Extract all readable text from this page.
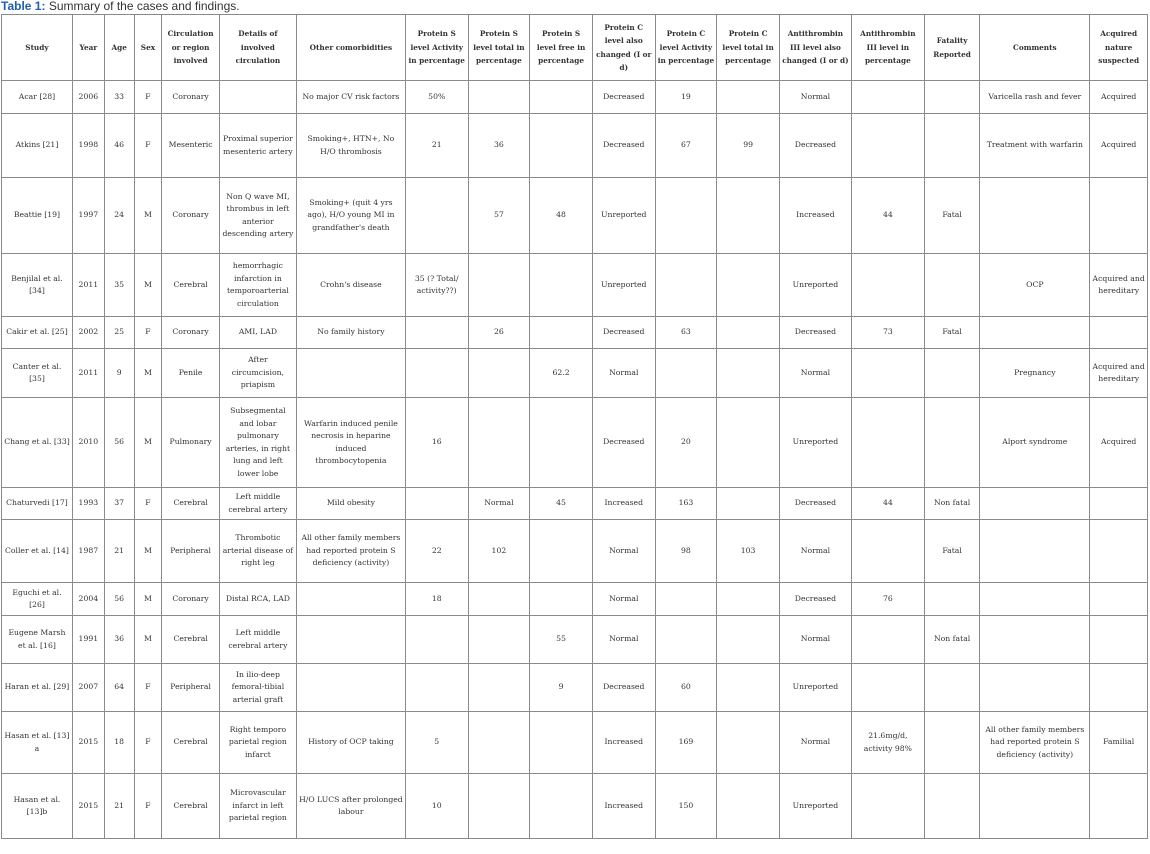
Table 1: Summary of the cases and findings.
Study	Year	Age	Sex	Circulation or region involved	Details of involved circulation	Other comorbidities	Protein S level Activity in percentage	Protein S level total in percentage	Protein S level free in percentage	Protein C level also changed (I or d)	Protein C level Activity in percentage	Protein C level total in percentage	Antithrombin III level also changed (I or d)	Antithrombin III level in percentage	Fatality Reported	Comments	Acquired nature suspected
Acar [28]	2006	33	F	Coronary		No major CV risk factors	50%			Decreased	19		Normal			Varicella rash and fever	Acquired
Atkins [21]	1998	46	F	Mesenteric	Proximal superior mesenteric artery	Smoking+, HTN+, No H/O thrombosis	21	36		Decreased	67	99	Decreased			Treatment with warfarin	Acquired
Beattie [19]	1997	24	M	Coronary	Non Q wave MI, thrombus in left anterior descending artery	Smoking+ (quit 4 yrs ago), H/O young MI in grandfather's death		57	48	Unreported			Increased	44	Fatal		
Benjilal et al. [34]	2011	35	M	Cerebral	hemorrhagic infarction in temporoarterial circulation	Crohn's disease	35 (? Total/ activity??)			Unreported			Unreported			OCP	Acquired and hereditary
Cakir et al. [25]	2002	25	F	Coronary	AMI, LAD	No family history		26		Decreased	63		Decreased	73	Fatal		
Canter et al. [35]	2011	9	M	Penile	After circumcision, priapism				62.2	Normal			Normal			Pregnancy	Acquired and hereditary
Chang et al. [33]	2010	56	M	Pulmonary	Subsegmental and lobar pulmonary arteries, in right lung and left lower lobe	Warfarin induced penile necrosis in heparine induced thrombocytopenia	16			Decreased	20		Unreported			Alport syndrome	Acquired
Chaturvedi [17]	1993	37	F	Cerebral	Left middle cerebral artery	Mild obesity		Normal	45	Increased	163		Decreased	44	Non fatal		
Coller et al. [14]	1987	21	M	Peripheral	Thrombotic arterial disease of right leg	All other family members had reported protein S deficiency (activity)	22	102		Normal	98	103	Normal		Fatal		
Eguchi et al. [26]	2004	56	M	Coronary	Distal RCA, LAD		18			Normal			Decreased	76			
Eugene Marsh et al. [16]	1991	36	M	Cerebral	Left middle cerebral artery				55	Normal			Normal		Non fatal		
Haran et al. [29]	2007	64	F	Peripheral	In ilio-deep femoral-tibial arterial graft				9	Decreased	60		Unreported				
Hasan et al. [13] a	2015	18	F	Cerebral	Right temporo parietal region infarct	History of OCP taking	5			Increased	169		Normal	21.6mg/d, activity 98%		All other family members had reported protein S deficiency (activity)	Familial
Hasan et al. [13]b	2015	21	F	Cerebral	Microvascular infarct in left parietal region	H/O LUCS after prolonged labour	10			Increased	150		Unreported				
